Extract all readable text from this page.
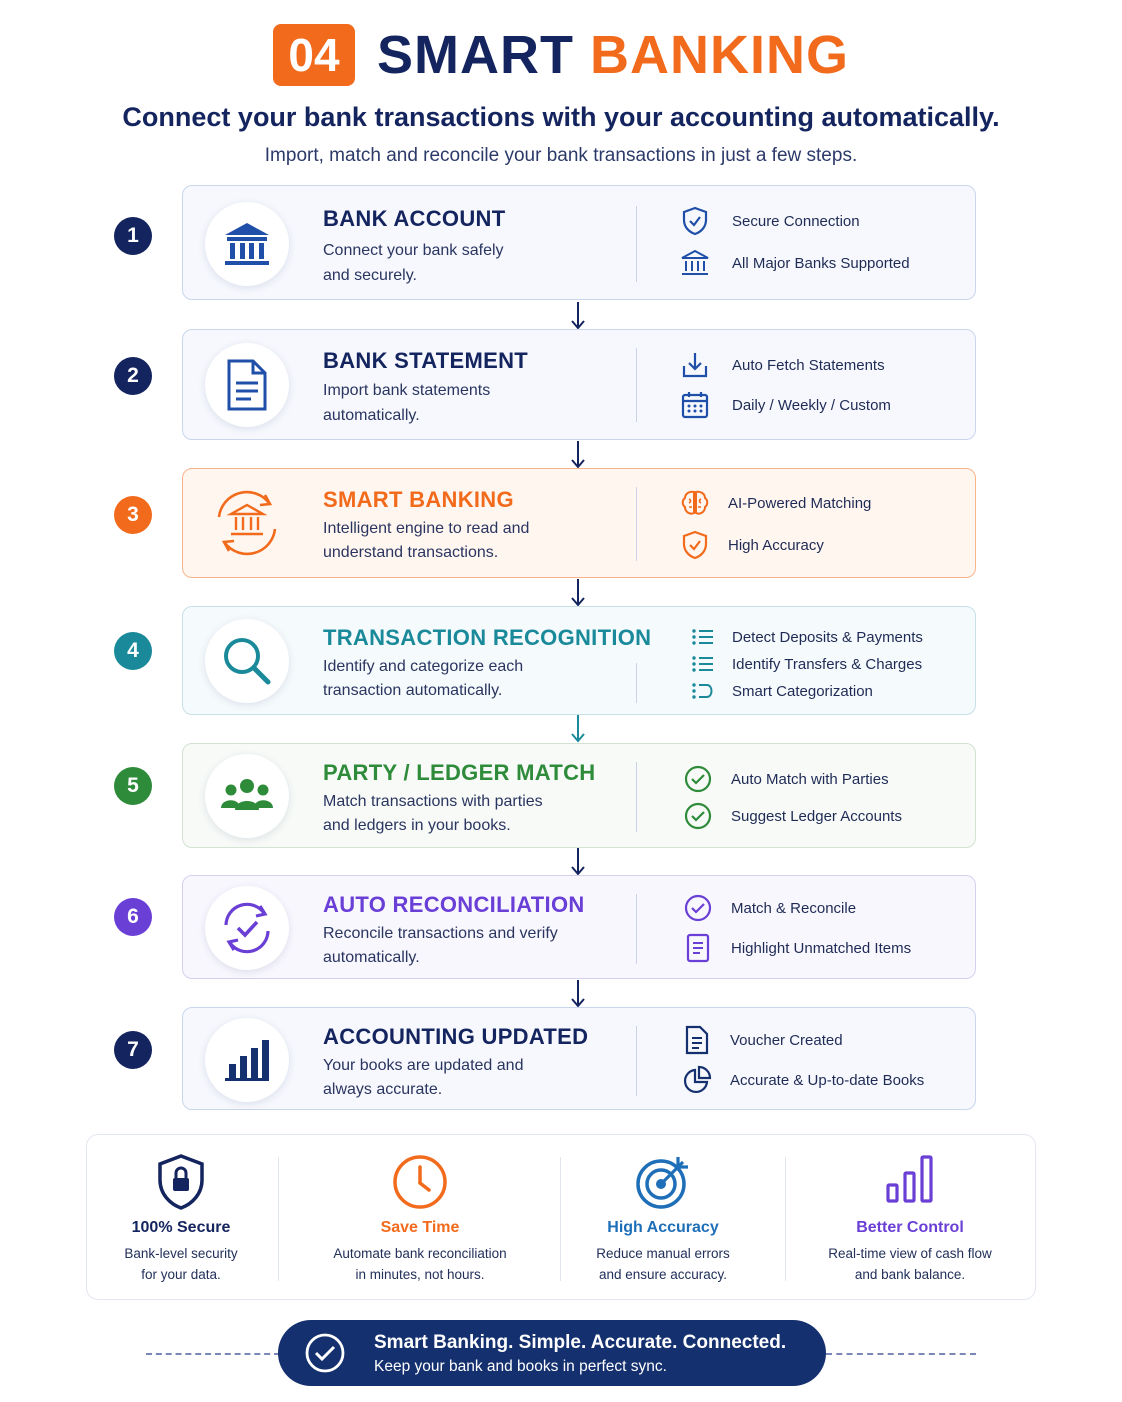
04 SMART BANKING
Connect your bank transactions with your accounting automatically.
Import, match and reconcile your bank transactions in just a few steps.
1
BANK ACCOUNT
Connect your bank safely and securely.
Secure Connection
All Major Banks Supported
2
BANK STATEMENT
Import bank statements automatically.
Auto Fetch Statements
Daily / Weekly / Custom
3
SMART BANKING
Intelligent engine to read and understand transactions.
AI-Powered Matching
High Accuracy
4
TRANSACTION RECOGNITION
Identify and categorize each transaction automatically.
Detect Deposits & Payments
Identify Transfers & Charges
Smart Categorization
5
PARTY / LEDGER MATCH
Match transactions with parties and ledgers in your books.
Auto Match with Parties
Suggest Ledger Accounts
6	AUTO RECONCILIATION
Reconcile transactions and verify automatically.
Match & Reconcile
Highlight Unmatched Items
7
ACCOUNTING UPDATED
Your books are updated and always accurate.
Voucher Created
Accurate & Up-to-date Books
100% Secure
Bank-level security
for your data.
Save Time
Automate bank reconciliation
in minutes, not hours.
High Accuracy
Reduce manual errors
and ensure accuracy.
Better Control
Real-time view of cash flow
and bank balance.
Smart Banking. Simple. Accurate. Connected.
Keep your bank and books in perfect sync.
